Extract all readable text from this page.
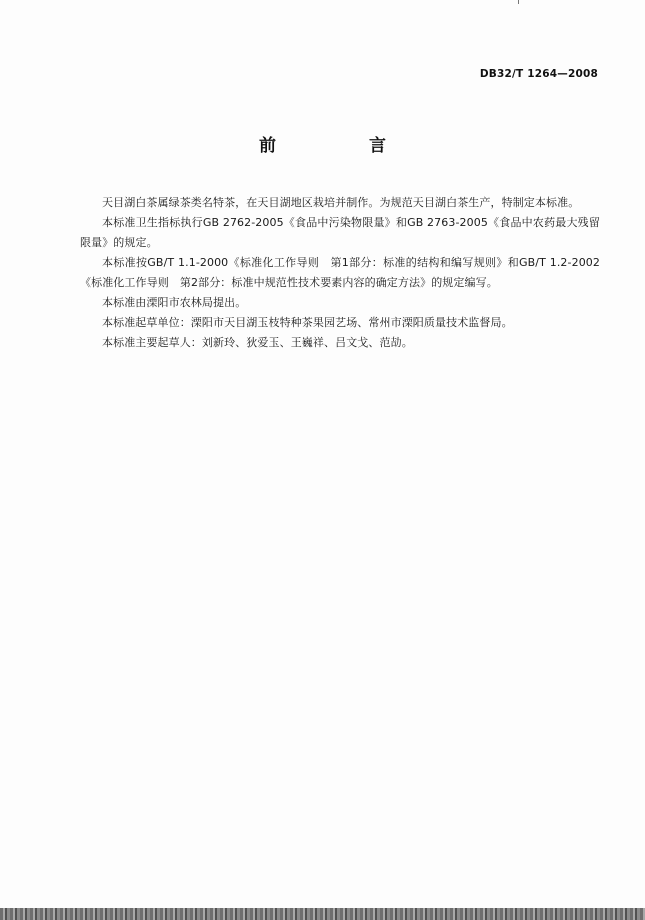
DB32/T 1264—2008
前　言

天目湖白茶属绿茶类名特茶，在天目湖地区栽培并制作。为规范天目湖白茶生产，特制定本标准。

本标准卫生指标执行GB 2762-2005《食品中污染物限量》和GB 2763-2005《食品中农药最大残留限量》的规定。

本标准按GB/T 1.1-2000《标准化工作导则　第1部分：标准的结构和编写规则》和GB/T 1.2-2002《标准化工作导则　第2部分：标准中规范性技术要素内容的确定方法》的规定编写。

本标准由溧阳市农林局提出。

本标准起草单位：溧阳市天目湖玉枝特种茶果园艺场、常州市溧阳质量技术监督局。

本标准主要起草人：刘新玲、狄爱玉、王巍祥、吕文戈、范劼。
